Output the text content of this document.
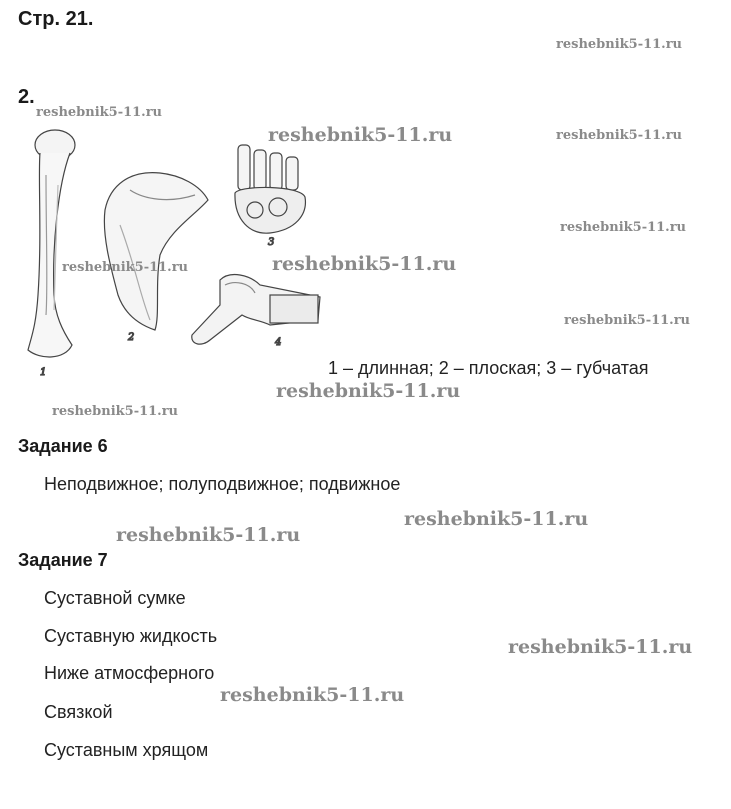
Стр. 21.
2.
1
2
3
4
1 – длинная; 2 – плоская; 3 – губчатая
Задание 6
Неподвижное; полуподвижное; подвижное
Задание 7
Суставной сумке
Суставную жидкость
Ниже атмосферного
Связкой
Суставным хрящом
reshebnik5-11.ru
reshebnik5-11.ru
reshebnik5-11.ru	reshebnik5-11.ru
reshebnik5-11.ru
reshebnik5-11.ru	reshebnik5-11.ru
reshebnik5-11.ru
reshebnik5-11.ru
reshebnik5-11.ru
reshebnik5-11.ru
reshebnik5-11.ru
reshebnik5-11.ru
reshebnik5-11.ru
